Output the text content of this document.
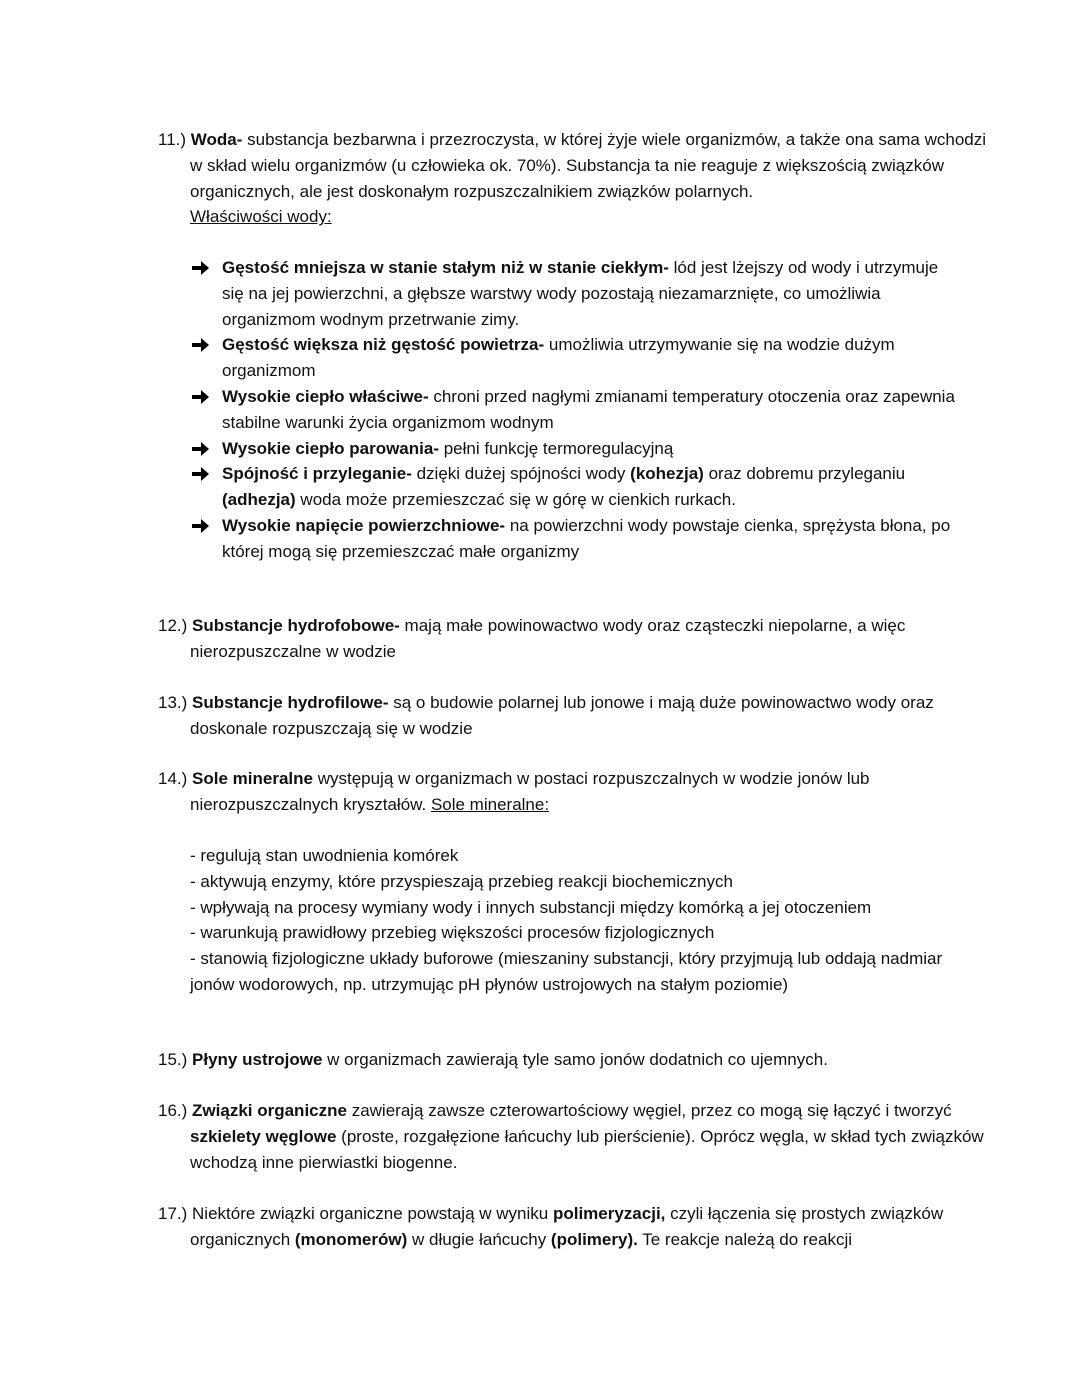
11.) Woda- substancja bezbarwna i przezroczysta, w której żyje wiele organizmów, a także ona sama wchodzi w skład wielu organizmów (u człowieka ok. 70%). Substancja ta nie reaguje z większością związków organicznych, ale jest doskonałym rozpuszczalnikiem związków polarnych.
Właściwości wody:
Gęstość mniejsza w stanie stałym niż w stanie ciekłym- lód jest lżejszy od wody i utrzymuje się na jej powierzchni, a głębsze warstwy wody pozostają niezamarznięte, co umożliwia organizmom wodnym przetrwanie zimy.
Gęstość większa niż gęstość powietrza- umożliwia utrzymywanie się na wodzie dużym organizmom
Wysokie ciepło właściwe- chroni przed nagłymi zmianami temperatury otoczenia oraz zapewnia stabilne warunki życia organizmom wodnym
Wysokie ciepło parowania- pełni funkcję termoregulacyjną
Spójność i przyleganie- dzięki dużej spójności wody (kohezja) oraz dobremu przyleganiu (adhezja) woda może przemieszczać się w górę w cienkich rurkach.
Wysokie napięcie powierzchniowe- na powierzchni wody powstaje cienka, sprężysta błona, po której mogą się przemieszczać małe organizmy
12.) Substancje hydrofobowe- mają małe powinowactwo wody oraz cząsteczki niepolarne, a więc nierozpuszczalne w wodzie
13.) Substancje hydrofilowe- są o budowie polarnej lub jonowe i mają duże powinowactwo wody oraz doskonale rozpuszczają się w wodzie
14.) Sole mineralne występują w organizmach w postaci rozpuszczalnych w wodzie jonów lub nierozpuszczalnych kryształów. Sole mineralne:
- regulują stan uwodnienia komórek
- aktywują enzymy, które przyspieszają przebieg reakcji biochemicznych
- wpływają na procesy wymiany wody i innych substancji między komórką a jej otoczeniem
- warunkują prawidłowy przebieg większości procesów fizjologicznych
- stanowią fizjologiczne układy buforowe (mieszaniny substancji, który przyjmują lub oddają nadmiar jonów wodorowych, np. utrzymując pH płynów ustrojowych na stałym poziomie)
15.) Płyny ustrojowe w organizmach zawierają tyle samo jonów dodatnich co ujemnych.
16.) Związki organiczne zawierają zawsze czterowartościowy węgiel, przez co mogą się łączyć i tworzyć szkielety węglowe (proste, rozgałęzione łańcuchy lub pierścienie). Oprócz węgla, w skład tych związków wchodzą inne pierwiastki biogenne.
17.) Niektóre związki organiczne powstają w wyniku polimeryzacji, czyli łączenia się prostych związków organicznych (monomerów) w długie łańcuchy (polimery). Te reakcje należą do reakcji
